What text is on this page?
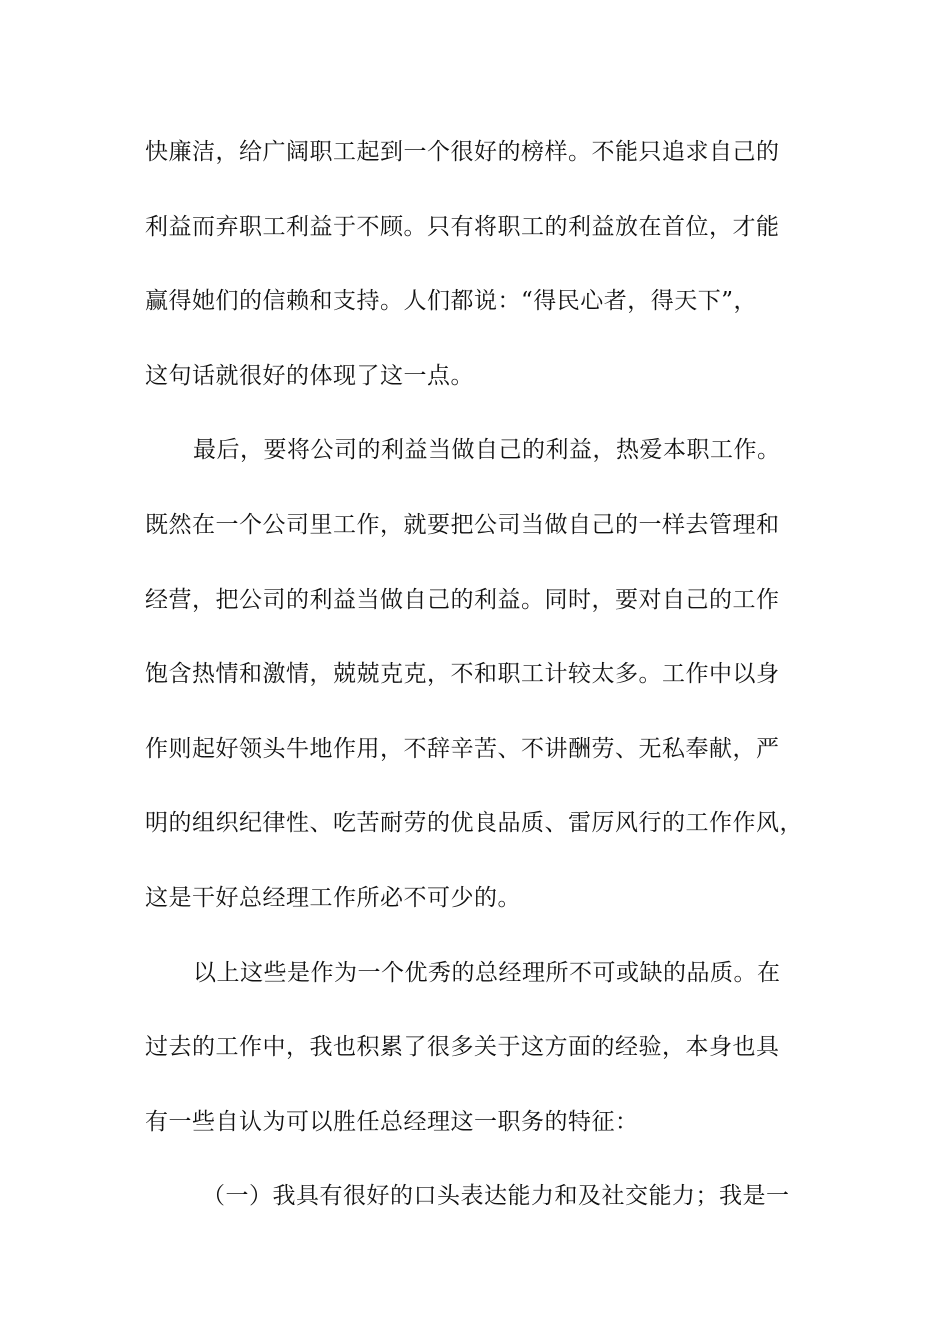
快廉洁，给广阔职工起到一个很好的榜样。不能只追求自己的
利益而弃职工利益于不顾。只有将职工的利益放在首位，才能
赢得她们的信赖和支持。人们都说：“得民心者，得天下”，
这句话就很好的体现了这一点。
最后，要将公司的利益当做自己的利益，热爱本职工作。
既然在一个公司里工作，就要把公司当做自己的一样去管理和
经营，把公司的利益当做自己的利益。同时，要对自己的工作
饱含热情和激情，兢兢克克，不和职工计较太多。工作中以身
作则起好领头牛地作用，不辞辛苦、不讲酬劳、无私奉献，严
明的组织纪律性、吃苦耐劳的优良品质、雷厉风行的工作作风，
这是干好总经理工作所必不可少的。
以上这些是作为一个优秀的总经理所不可或缺的品质。在
过去的工作中，我也积累了很多关于这方面的经验，本身也具
有一些自认为可以胜任总经理这一职务的特征：
（一）我具有很好的口头表达能力和及社交能力；我是一
